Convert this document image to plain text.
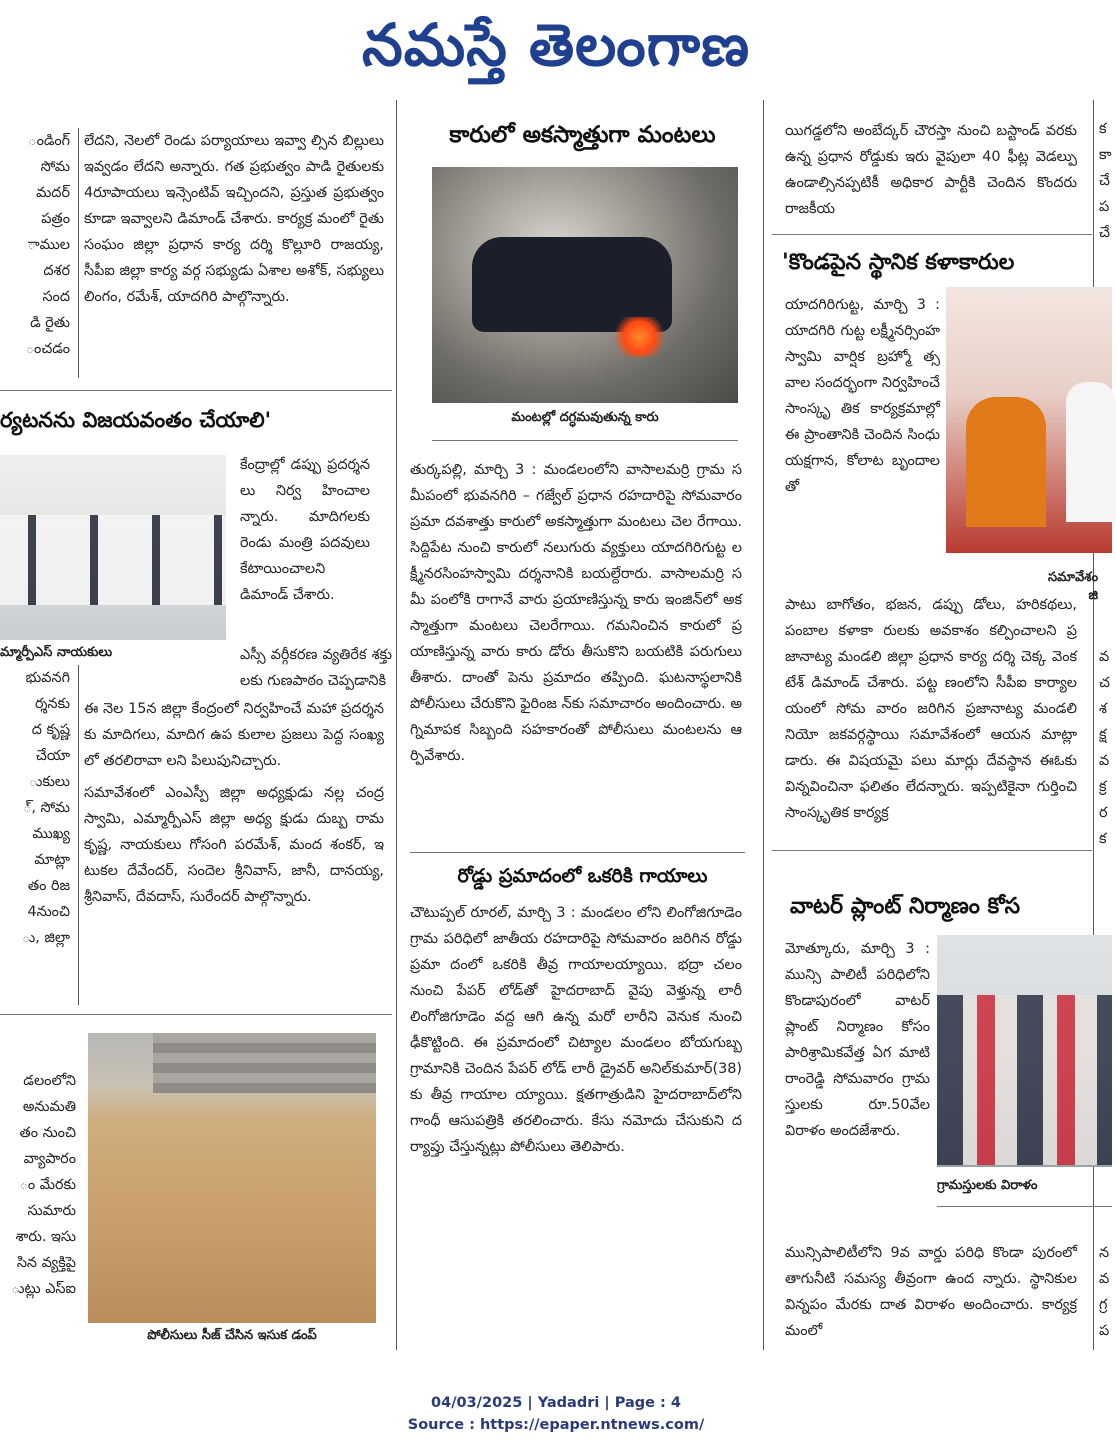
నమస్తే తెలంగాణ

ండింగ్

సోమ

మదర్

పత్రం

ాముల

దశర

సంద

డి రైతు

ంచడం

లేదని, నెలలో రెండు పర్యాయాలు ఇవ్వా ల్సిన బిల్లులు ఇవ్వడం లేదని అన్నారు. గత ప్రభుత్వం పాడి రైతులకు 4రూపాయలు ఇన్సెంటివ్ ఇచ్చిందని, ప్రస్తుత ప్రభుత్వం కూడా ఇవ్వాలని డిమాండ్ చేశారు. కార్యక్ర మంలో రైతు సంఘం జిల్లా ప్రధాన కార్య దర్శి కొల్లూరి రాజయ్య, సీపీఐ జిల్లా కార్య వర్గ సభ్యుడు ఏశాల అశోక్, సభ్యులు లింగం, రమేశ్, యాదగిరి పాల్గొన్నారు.

ర్యటనను విజయవంతం చేయాలి'

మ్మార్పీఎస్ నాయకులు

కేంద్రాల్లో డప్పు ప్రదర్శనలు నిర్వ హించాలన్నారు. మాదిగలకు రెండు మంత్రి పదవులు కేటాయించాలని డిమాండ్ చేశారు.

ఎస్సీ వర్గీకరణ వ్యతిరేక శక్తు లకు గుణపాఠం చెప్పడానికి

భువనగి

ర్శనకు

ద కృష్ణ

చేయా

ుకులు

్, సోమ

ముఖ్య

మాట్లా

తం రిజ

4నుంచి

ు, జిల్లా

ఈ నెల 15న జిల్లా కేంద్రంలో నిర్వహించే మహా ప్రదర్శనకు మాదిగలు, మాదిగ ఉప కులాల ప్రజలు పెద్ద సంఖ్యలో తరలిరావా లని పిలుపునిచ్చారు.

సమావేశంలో ఎంఎస్పీ జిల్లా అధ్యక్షుడు నల్ల చంద్రస్వామి, ఎమ్మార్పీఎస్ జిల్లా అధ్య క్షుడు దుబ్బ రామకృష్ణ, నాయకులు గోసంగి పరమేశ్, మంద శంకర్, ఇటుకల దేవేందర్, సందెల శ్రీనివాస్, జానీ, దానయ్య, శ్రీనివాస్, దేవదాస్, సురేందర్ పాల్గొన్నారు.

డలంలోని

అనుమతి

తం నుంచి

వ్యాపారం

ం మేరకు

సుమారు

శారు. ఇసు

సిన వ్యక్తిపై

ుట్లు ఎస్ఐ

పోలీసులు సీజ్ చేసిన ఇసుక డంప్

కారులో అకస్మాత్తుగా మంటలు

మంటల్లో దగ్ధమవుతున్న కారు

తుర్కపల్లి, మార్చి 3 : మండలంలోని వాసాలమర్రి గ్రామ సమీపంలో భువనగిరి – గజ్వేల్ ప్రధాన రహదారిపై సోమవారం ప్రమా దవశాత్తు కారులో అకస్మాత్తుగా మంటలు చెల రేగాయి. సిద్దిపేట నుంచి కారులో నలుగురు వ్యక్తులు యాదగిరిగుట్ట లక్ష్మీనరసింహస్వామి దర్శనానికి బయల్దేరారు. వాసాలమర్రి సమీ పంలోకి రాగానే వారు ప్రయాణిస్తున్న కారు ఇంజిన్‌లో అకస్మాత్తుగా మంటలు చెలరేగాయి. గమనించిన కారులో ప్రయాణిస్తున్న వారు కారు డోరు తీసుకొని బయటికి పరుగులు తీశారు. దాంతో పెను ప్రమాదం తప్పింది. ఘటనాస్థలానికి పోలీసులు చేరుకొని ఫైరింజ న్‌కు సమాచారం అందించారు. అగ్నిమాపక సిబ్బంది సహకారంతో పోలీసులు మంటలను ఆర్పివేశారు.

రోడ్డు ప్రమాదంలో ఒకరికి గాయాలు

చౌటుప్పల్ రూరల్, మార్చి 3 : మండలం లోని లింగోజిగూడెం గ్రామ పరిధిలో జాతీయ రహదారిపై సోమవారం జరిగిన రోడ్డు ప్రమా దంలో ఒకరికి తీవ్ర గాయాలయ్యాయి. భద్రా చలం నుంచి పేపర్ లోడ్‌తో హైదరాబాద్ వైపు వెళ్తున్న లారీ లింగోజిగూడెం వద్ద ఆగి ఉన్న మరో లారీని వెనుక నుంచి ఢీకొట్టింది. ఈ ప్రమాదంలో చిట్యాల మండలం బోయగుబ్బ గ్రామానికి చెందిన పేపర్ లోడ్ లారీ డ్రైవర్ అనిల్‌కుమార్(38)కు తీవ్ర గాయాల య్యాయి. క్షతగాత్రుడిని హైదరాబాద్‌లోని గాంధీ ఆసుపత్రికి తరలించారు. కేసు నమోదు చేసుకుని దర్యాప్తు చేస్తున్నట్లు పోలీసులు తెలిపారు.

యిగడ్డలోని అంబేద్కర్ చౌరస్తా నుంచి బస్టాండ్ వరకు ఉన్న ప్రధాన రోడ్డుకు ఇరు వైపులా 40 ఫీట్ల వెడల్పు ఉండాల్సినప్పటికీ అధికార పార్టీకి చెందిన కొందరు రాజకీయ

'కొండపైన స్థానిక కళాకారుల

యాదగిరిగుట్ట, మార్చి 3 : యాదగిరి గుట్ట లక్ష్మీనర్సింహ స్వామి వార్షిక బ్రహ్మో త్సవాల సందర్భంగా నిర్వహించే సాంస్కృ తిక కార్యక్రమాల్లో ఈ ప్రాంతానికి చెందిన సింధు యక్షగాన, కోలాట బృందాలతో

సమావేశం

జి

పాటు బాగోతం, భజన, డప్పు డోలు, హరికథలు, పంబాల కళాకా రులకు అవకాశం కల్పించాలని ప్రజానాట్య మండలి జిల్లా ప్రధాన కార్య దర్శి చెక్క వెంకటేశ్ డిమాండ్ చేశారు. పట్ట ణంలోని సీపీఐ కార్యాలయంలో సోమ వారం జరిగిన ప్రజానాట్య మండలి నియో జకవర్గస్థాయి సమావేశంలో ఆయన మాట్లా డారు. ఈ విషయమై పలు మార్లు దేవస్థాన ఈఓకు విన్నవించినా ఫలితం లేదన్నారు. ఇప్పటికైనా గుర్తించి సాంస్కృతిక కార్యక్ర

వాటర్ ప్లాంట్ నిర్మాణం కోస

మోత్కూరు, మార్చి 3 : మున్సి పాలిటీ పరిధిలోని కొండాపురంలో వాటర్ ప్లాంట్ నిర్మాణం కోసం పారిశ్రామికవేత్త ఏగ మాటి రాంరెడ్డి సోమవారం గ్రామ స్తులకు రూ.50వేల విరాళం అందజేశారు.

గ్రామస్తులకు విరాళం

మున్సిపాలిటీలోని 9వ వార్డు పరిధి కొండా పురంలో తాగునీటి సమస్య తీవ్రంగా ఉంద న్నారు. స్థానికుల విన్నపం మేరకు దాత విరాళం అందించారు. కార్యక్రమంలో

క

కా

చే

ప

చే

వ

చ

శ

క్ష

వ

క్ర

ర

క

న

వ

గ్ర

ప

04/03/2025 | Yadadri | Page : 4
Source : https://epaper.ntnews.com/
